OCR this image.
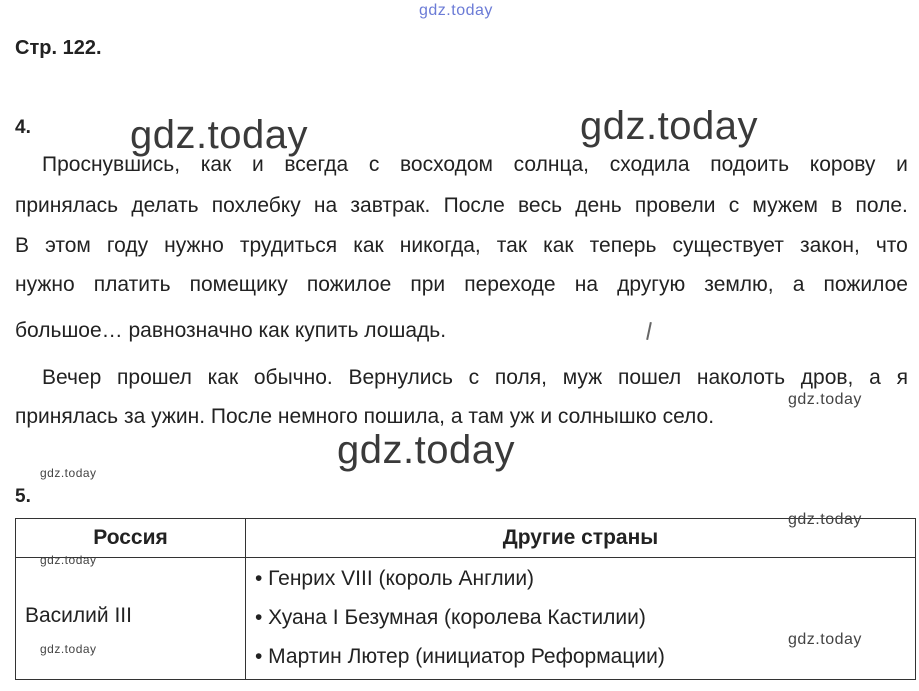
gdz.today
Стр. 122.
4.
Проснувшись, как и всегда с восходом солнца, сходила подоить корову и
принялась делать похлебку на завтрак. После весь день провели с мужем в поле.
В этом году нужно трудиться как никогда, так как теперь существует закон, что
нужно платить помещику пожилое при переходе на другую землю, а пожилое
большое… равнозначно как купить лошадь.
Вечер прошел как обычно. Вернулись с поля, муж пошел наколоть дров, а я
принялась за ужин. После немного пошила, а там уж и солнышко село.
5.
Россия	Другие страны

Василий III	• Генрих VIII (король Англии)
• Хуана I Безумная (королева Кастилии)
• Мартин Лютер (инициатор Реформации)
gdz.today	gdz.today
gdz.today
gdz.today
gdz.today
gdz.today
gdz.today
gdz.today
gdz.today
